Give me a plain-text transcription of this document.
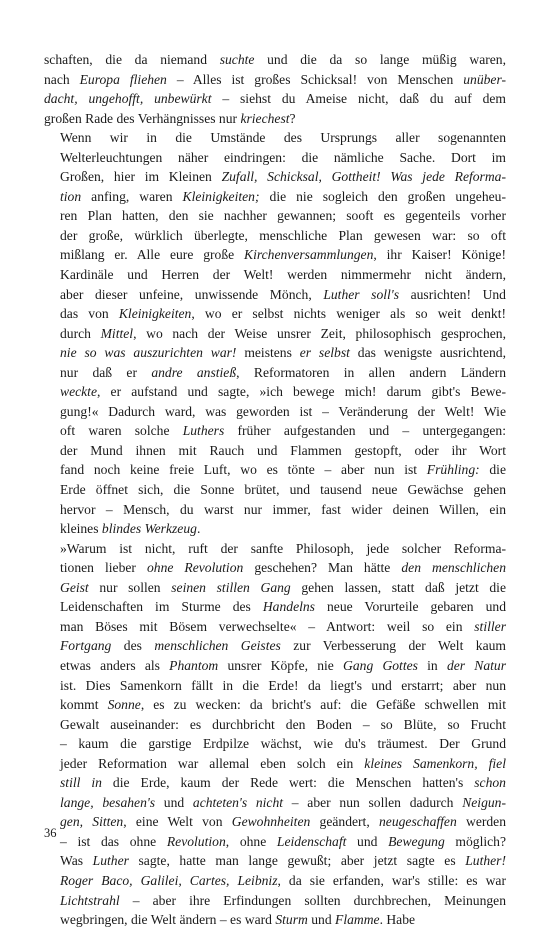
schaften, die da niemand suchte und die da so lange müßig waren,
nach Europa fliehen – Alles ist großes Schicksal! von Menschen unüber-
dacht, ungehofft, unbewürkt – siehst du Ameise nicht, daß du auf dem
großen Rade des Verhängnisses nur kriechest?

Wenn wir in die Umstände des Ursprungs aller sogenannten
Welterleuchtungen näher eindringen: die nämliche Sache. Dort im
Großen, hier im Kleinen Zufall, Schicksal, Gottheit! Was jede Reforma-
tion anfing, waren Kleinigkeiten; die nie sogleich den großen ungeheu-
ren Plan hatten, den sie nachher gewannen; sooft es gegenteils vorher
der große, würklich überlegte, menschliche Plan gewesen war: so oft
mißlang er. Alle eure große Kirchenversammlungen, ihr Kaiser! Könige!
Kardinäle und Herren der Welt! werden nimmermehr nicht ändern,
aber dieser unfeine, unwissende Mönch, Luther soll's ausrichten! Und
das von Kleinigkeiten, wo er selbst nichts weniger als so weit denkt!
durch Mittel, wo nach der Weise unsrer Zeit, philosophisch gesprochen,
nie so was auszurichten war! meistens er selbst das wenigste ausrichtend,
nur daß er andre anstieß, Reformatoren in allen andern Ländern
weckte, er aufstand und sagte, »ich bewege mich! darum gibt's Bewe-
gung!« Dadurch ward, was geworden ist – Veränderung der Welt! Wie
oft waren solche Luthers früher aufgestanden und – untergegangen:
der Mund ihnen mit Rauch und Flammen gestopft, oder ihr Wort
fand noch keine freie Luft, wo es tönte – aber nun ist Frühling: die
Erde öffnet sich, die Sonne brütet, und tausend neue Gewächse gehen
hervor – Mensch, du warst nur immer, fast wider deinen Willen, ein
kleines blindes Werkzeug.

»Warum ist nicht, ruft der sanfte Philosoph, jede solcher Reforma-
tionen lieber ohne Revolution geschehen? Man hätte den menschlichen
Geist nur sollen seinen stillen Gang gehen lassen, statt daß jetzt die
Leidenschaften im Sturme des Handelns neue Vorurteile gebaren und
man Böses mit Bösem verwechselte« – Antwort: weil so ein stiller
Fortgang des menschlichen Geistes zur Verbesserung der Welt kaum
etwas anders als Phantom unsrer Köpfe, nie Gang Gottes in der Natur
ist. Dies Samenkorn fällt in die Erde! da liegt's und erstarrt; aber nun
kommt Sonne, es zu wecken: da bricht's auf: die Gefäße schwellen mit
Gewalt auseinander: es durchbricht den Boden – so Blüte, so Frucht
– kaum die garstige Erdpilze wächst, wie du's träumest. Der Grund
jeder Reformation war allemal eben solch ein kleines Samenkorn, fiel
still in die Erde, kaum der Rede wert: die Menschen hatten's schon
lange, besahen's und achteten's nicht – aber nun sollen dadurch Neigun-
gen, Sitten, eine Welt von Gewohnheiten geändert, neugeschaffen werden
– ist das ohne Revolution, ohne Leidenschaft und Bewegung möglich?
Was Luther sagte, hatte man lange gewußt; aber jetzt sagte es Luther!
Roger Baco, Galilei, Cartes, Leibniz, da sie erfanden, war's stille: es war
Lichtstrahl – aber ihre Erfindungen sollten durchbrechen, Meinungen
wegbringen, die Welt ändern – es ward Sturm und Flamme. Habe

36
